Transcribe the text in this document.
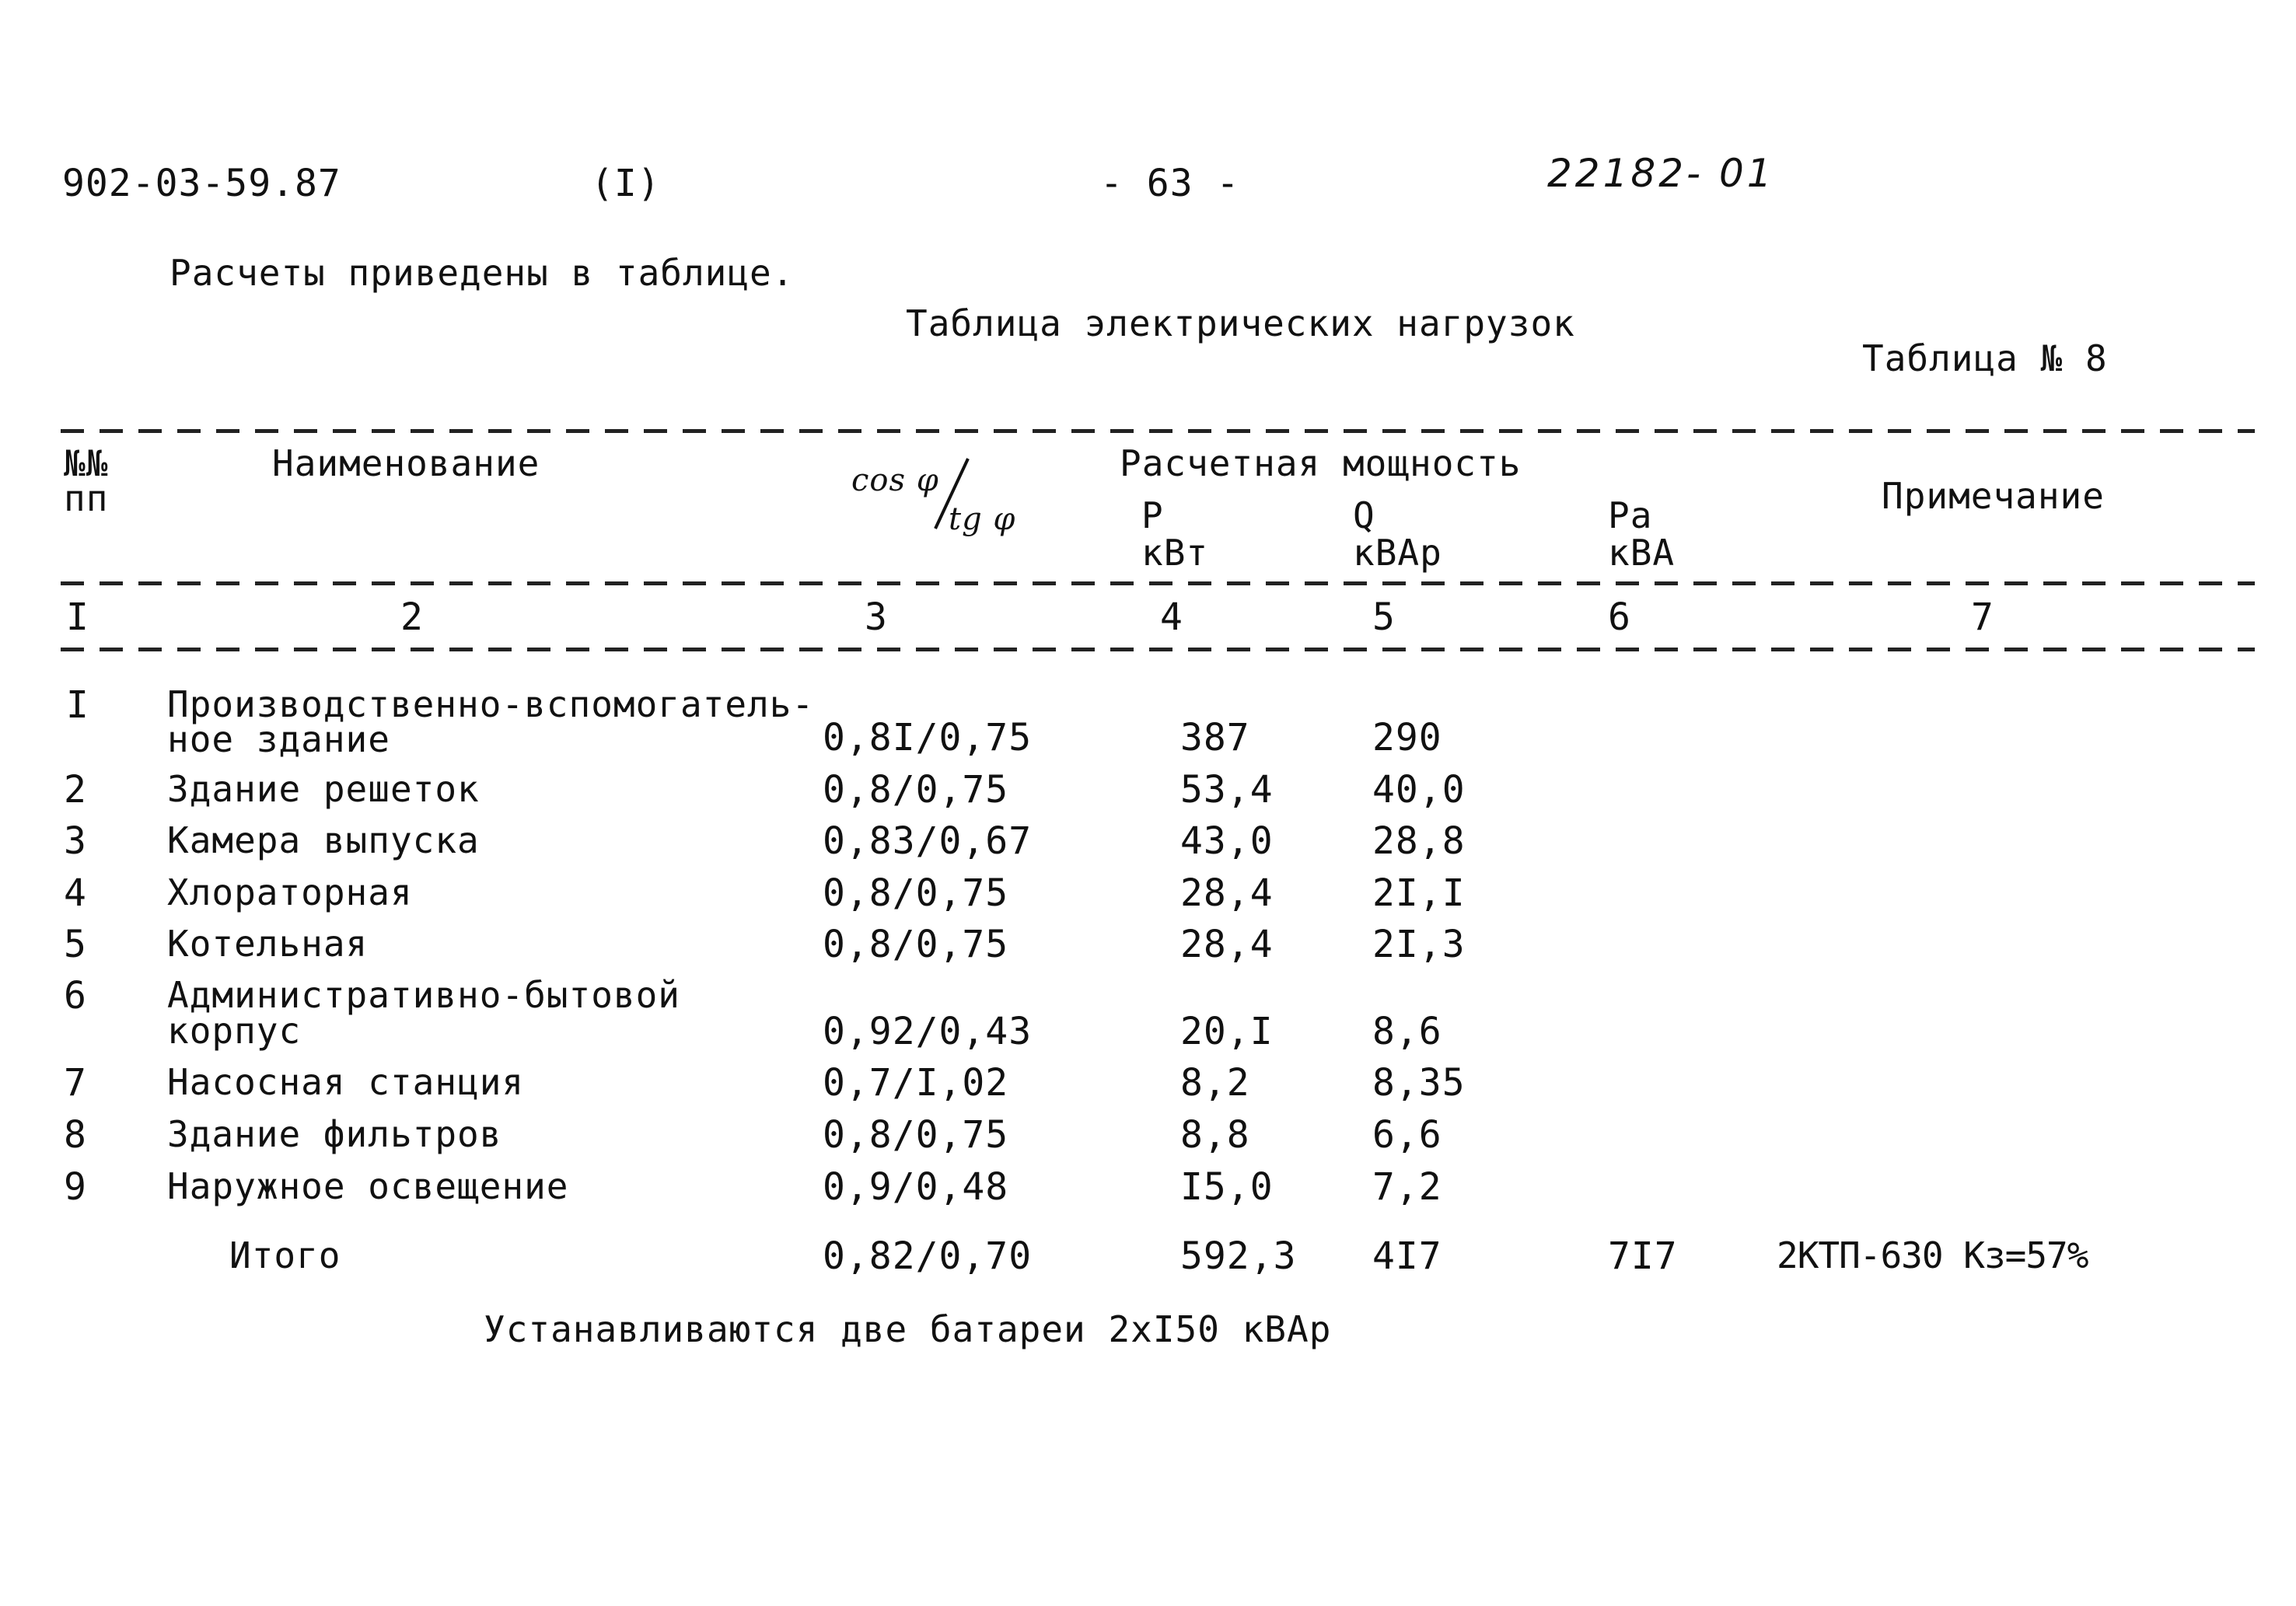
902-03-59.87	(I)	- 63 -	22182- 01
Расчеты приведены в таблице.
Таблица электрических нагрузок
Таблица № 8
№№
пп
Наименование	cos φ
tg φ
Расчетная мощность
P
кВт
Q
кВАр
Pa
кВА
Примечание
I	2	3	4	5	6	7
I Производственно-вспомогатель-
ное здание	0,8I/0,75	387	290
2 Здание решеток	0,8/0,75	53,4	40,0
3 Камера выпуска	0,83/0,67	43,0	28,8
4 Хлораторная	0,8/0,75	28,4	2I,I
5 Котельная	0,8/0,75	28,4	2I,3
6 Административно-бытовой
корпус	0,92/0,43	20,I	8,6
7 Насосная станция	0,7/I,02	8,2	8,35
8 Здание фильтров	0,8/0,75	8,8	6,6
9 Наружное освещение	0,9/0,48	I5,0	7,2
Итого	0,82/0,70	592,3 4I7	7I7	2КТП-630 Кз=57%
Устанавливаются две батареи 2хI50 кВАр
